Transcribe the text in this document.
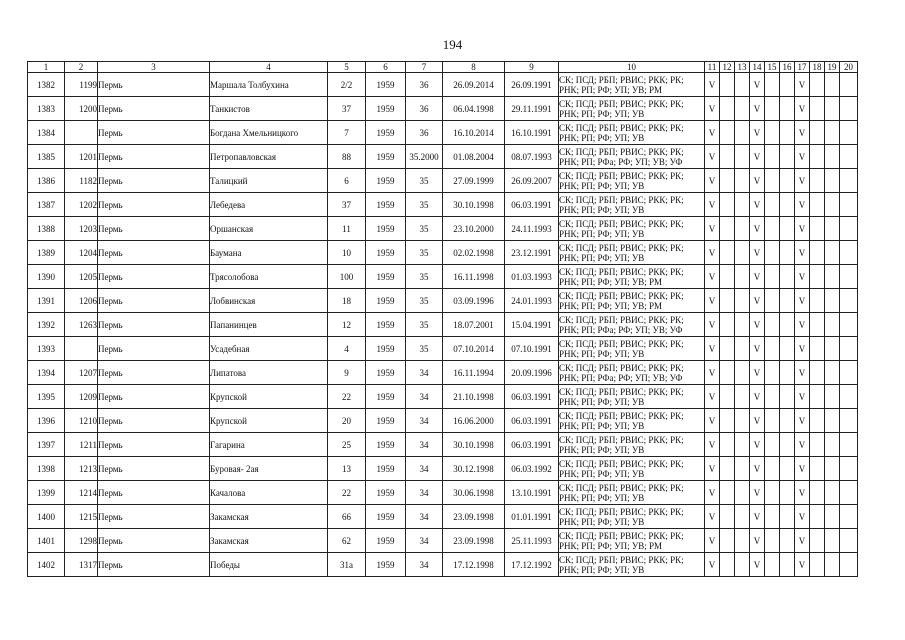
194
1	2	3	4	5	6	7	8	9	10	11	12	13	14	15	16	17	18	19	20
1382	1199	Пермь	Маршала Толбухина	2/2	1959	36	26.09.2014	26.09.1991	СК; ПСД; РБП; РВИС; РКК; РК;
РНК; РП; РФ; УП; УВ; РМ	V			V			V			
1383	1200	Пермь	Танкистов	37	1959	36	06.04.1998	29.11.1991	СК; ПСД; РБП; РВИС; РКК; РК;
РНК; РП; РФ; УП; УВ	V			V			V			
1384		Пермь	Богдана Хмельницкого	7	1959	36	16.10.2014	16.10.1991	СК; ПСД; РБП; РВИС; РКК; РК;
РНК; РП; РФ; УП; УВ	V			V			V			
1385	1201	Пермь	Петропавловская	88	1959	35.2000	01.08.2004	08.07.1993	СК; ПСД; РБП; РВИС; РКК; РК;
РНК; РП; РФа; РФ; УП; УВ; УФ	V			V			V			
1386	1182	Пермь	Талицкий	6	1959	35	27.09.1999	26.09.2007	СК; ПСД; РБП; РВИС; РКК; РК;
РНК; РП; РФ; УП; УВ	V			V			V			
1387	1202	Пермь	Лебедева	37	1959	35	30.10.1998	06.03.1991	СК; ПСД; РБП; РВИС; РКК; РК;
РНК; РП; РФ; УП; УВ	V			V			V			
1388	1203	Пермь	Оршанская	11	1959	35	23.10.2000	24.11.1993	СК; ПСД; РБП; РВИС; РКК; РК;
РНК; РП; РФ; УП; УВ	V			V			V			
1389	1204	Пермь	Баумана	10	1959	35	02.02.1998	23.12.1991	СК; ПСД; РБП; РВИС; РКК; РК;
РНК; РП; РФ; УП; УВ	V			V			V			
1390	1205	Пермь	Трясолобова	100	1959	35	16.11.1998	01.03.1993	СК; ПСД; РБП; РВИС; РКК; РК;
РНК; РП; РФ; УП; УВ; РМ	V			V			V			
1391	1206	Пермь	Лобвинская	18	1959	35	03.09.1996	24.01.1993	СК; ПСД; РБП; РВИС; РКК; РК;
РНК; РП; РФ; УП; УВ; РМ	V			V			V			
1392	1263	Пермь	Папанинцев	12	1959	35	18.07.2001	15.04.1991	СК; ПСД; РБП; РВИС; РКК; РК;
РНК; РП; РФа; РФ; УП; УВ; УФ	V			V			V			
1393		Пермь	Усадебная	4	1959	35	07.10.2014	07.10.1991	СК; ПСД; РБП; РВИС; РКК; РК;
РНК; РП; РФ; УП; УВ	V			V			V			
1394	1207	Пермь	Липатова	9	1959	34	16.11.1994	20.09.1996	СК; ПСД; РБП; РВИС; РКК; РК;
РНК; РП; РФа; РФ; УП; УВ; УФ	V			V			V			
1395	1209	Пермь	Крупской	22	1959	34	21.10.1998	06.03.1991	СК; ПСД; РБП; РВИС; РКК; РК;
РНК; РП; РФ; УП; УВ	V			V			V			
1396	1210	Пермь	Крупской	20	1959	34	16.06.2000	06.03.1991	СК; ПСД; РБП; РВИС; РКК; РК;
РНК; РП; РФ; УП; УВ	V			V			V			
1397	1211	Пермь	Гагарина	25	1959	34	30.10.1998	06.03.1991	СК; ПСД; РБП; РВИС; РКК; РК;
РНК; РП; РФ; УП; УВ	V			V			V			
1398	1213	Пермь	Буровая- 2ая	13	1959	34	30.12.1998	06.03.1992	СК; ПСД; РБП; РВИС; РКК; РК;
РНК; РП; РФ; УП; УВ	V			V			V			
1399	1214	Пермь	Качалова	22	1959	34	30.06.1998	13.10.1991	СК; ПСД; РБП; РВИС; РКК; РК;
РНК; РП; РФ; УП; УВ	V			V			V			
1400	1215	Пермь	Закамская	66	1959	34	23.09.1998	01.01.1991	СК; ПСД; РБП; РВИС; РКК; РК;
РНК; РП; РФ; УП; УВ	V			V			V			
1401	1298	Пермь	Закамская	62	1959	34	23.09.1998	25.11.1993	СК; ПСД; РБП; РВИС; РКК; РК;
РНК; РП; РФ; УП; УВ; РМ	V			V			V			
1402	1317	Пермь	Победы	31а	1959	34	17.12.1998	17.12.1992	СК; ПСД; РБП; РВИС; РКК; РК;
РНК; РП; РФ; УП; УВ	V			V			V			
